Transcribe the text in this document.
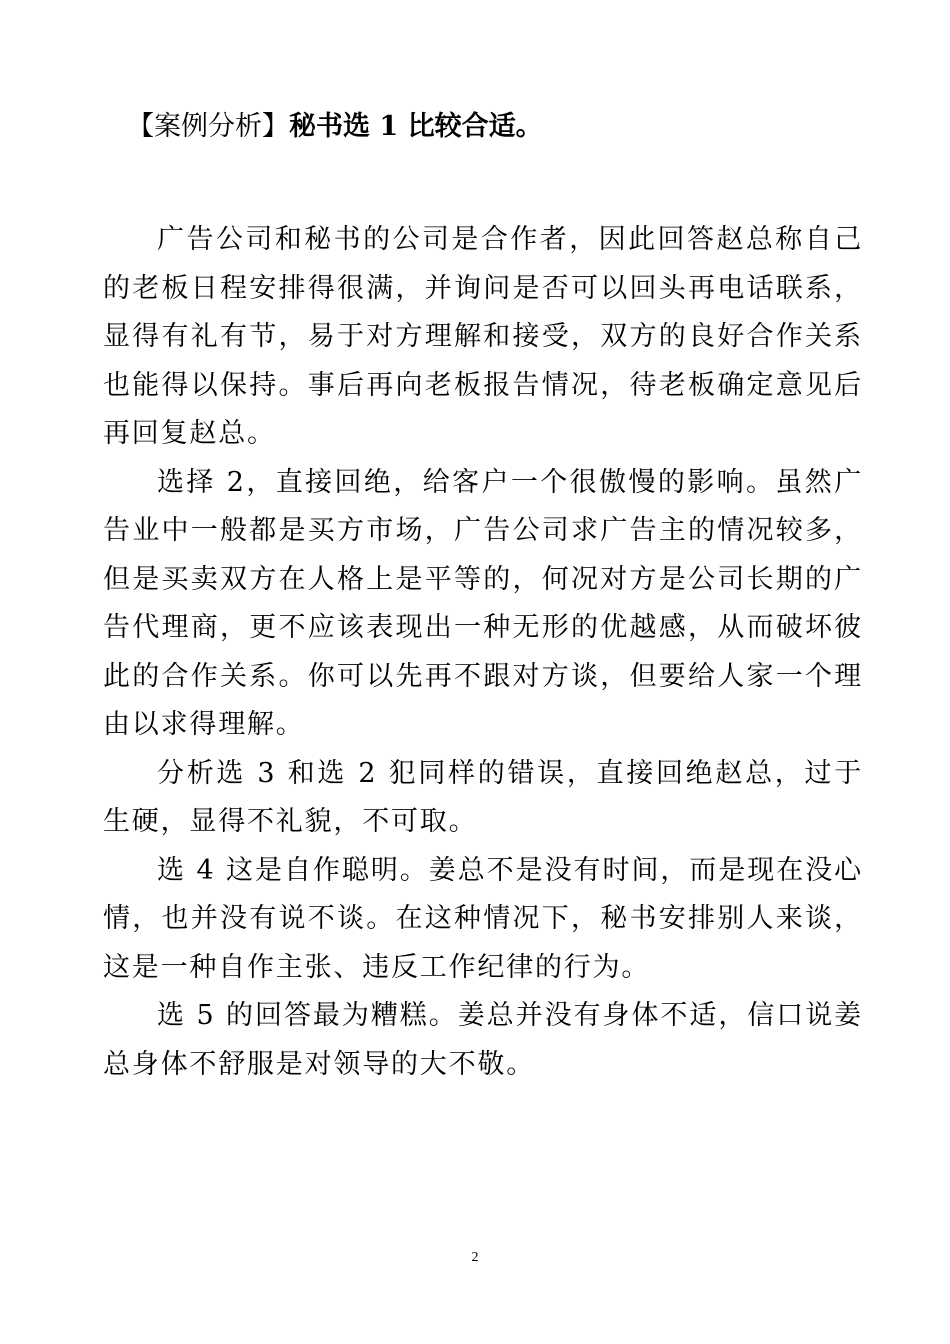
【案例分析】秘书选 1 比较合适。

广告公司和秘书的公司是合作者，因此回答赵总称自己的老板日程安排得很满，并询问是否可以回头再电话联系，显得有礼有节，易于对方理解和接受，双方的良好合作关系也能得以保持。事后再向老板报告情况，待老板确定意见后再回复赵总。

选择 2，直接回绝，给客户一个很傲慢的影响。虽然广告业中一般都是买方市场，广告公司求广告主的情况较多，但是买卖双方在人格上是平等的，何况对方是公司长期的广告代理商，更不应该表现出一种无形的优越感，从而破坏彼此的合作关系。你可以先再不跟对方谈，但要给人家一个理由以求得理解。

分析选 3 和选 2 犯同样的错误，直接回绝赵总，过于生硬，显得不礼貌，不可取。

选 4 这是自作聪明。姜总不是没有时间，而是现在没心情，也并没有说不谈。在这种情况下，秘书安排别人来谈，这是一种自作主张、违反工作纪律的行为。

选 5 的回答最为糟糕。姜总并没有身体不适，信口说姜总身体不舒服是对领导的大不敬。

2
